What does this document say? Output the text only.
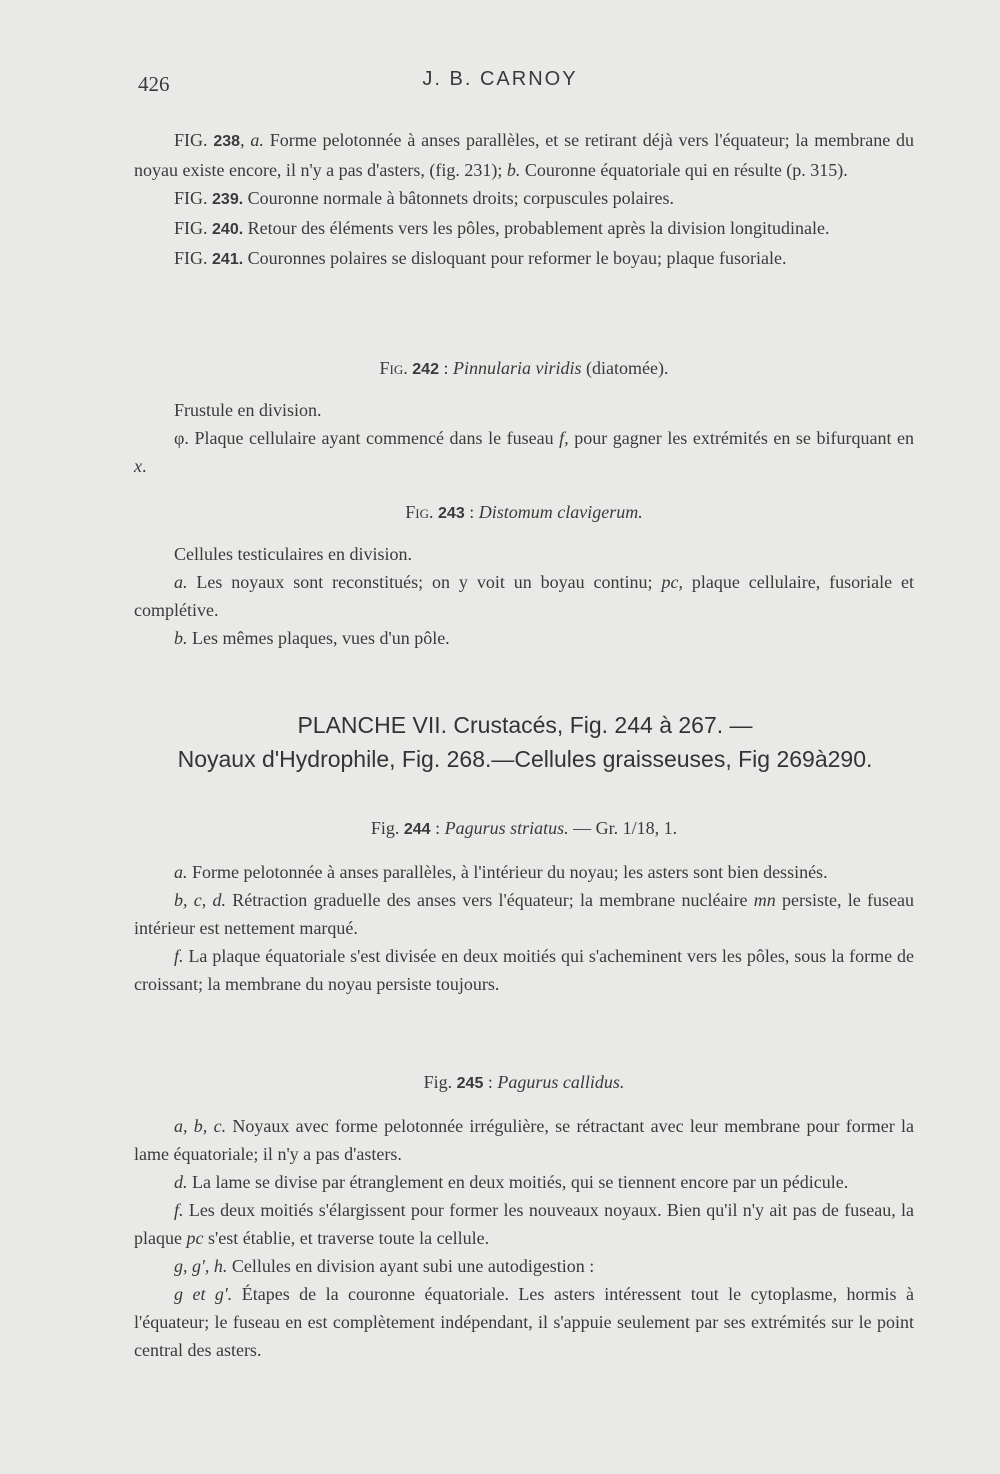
426	J. B. CARNOY

FIG. 238, a. Forme pelotonnée à anses parallèles, et se retirant déjà vers l'équateur; la membrane du noyau existe encore, il n'y a pas d'asters, (fig. 231); b. Couronne équatoriale qui en résulte (p. 315).

FIG. 239. Couronne normale à bâtonnets droits; corpuscules polaires.

FIG. 240. Retour des éléments vers les pôles, probablement après la division longitudinale.

FIG. 241. Couronnes polaires se disloquant pour reformer le boyau; plaque fusoriale.

Fig. 242 : Pinnularia viridis (diatomée).

Frustule en division.

φ. Plaque cellulaire ayant commencé dans le fuseau f, pour gagner les extrémités en se bifurquant en x.

Fig. 243 : Distomum clavigerum.

Cellules testiculaires en division.

a. Les noyaux sont reconstitués; on y voit un boyau continu; pc, plaque cellulaire, fusoriale et complétive.

b. Les mêmes plaques, vues d'un pôle.

PLANCHE VII. Crustacés, Fig. 244 à 267. —
Noyaux d'Hydrophile, Fig. 268.—Cellules graisseuses, Fig 269à290.
Fig. 244 : Pagurus striatus. — Gr. 1/18, 1.

a. Forme pelotonnée à anses parallèles, à l'intérieur du noyau; les asters sont bien dessinés.

b, c, d. Rétraction graduelle des anses vers l'équateur; la membrane nucléaire mn persiste, le fuseau intérieur est nettement marqué.

f. La plaque équatoriale s'est divisée en deux moitiés qui s'acheminent vers les pôles, sous la forme de croissant; la membrane du noyau persiste toujours.

Fig. 245 : Pagurus callidus.

a, b, c. Noyaux avec forme pelotonnée irrégulière, se rétractant avec leur membrane pour former la lame équatoriale; il n'y a pas d'asters.

d. La lame se divise par étranglement en deux moitiés, qui se tiennent encore par un pédicule.

f. Les deux moitiés s'élargissent pour former les nouveaux noyaux. Bien qu'il n'y ait pas de fuseau, la plaque pc s'est établie, et traverse toute la cellule.

g, g', h. Cellules en division ayant subi une autodigestion :

g et g'. Étapes de la couronne équatoriale. Les asters intéressent tout le cytoplasme, hormis à l'équateur; le fuseau en est complètement indépendant, il s'appuie seulement par ses extrémités sur le point central des asters.
